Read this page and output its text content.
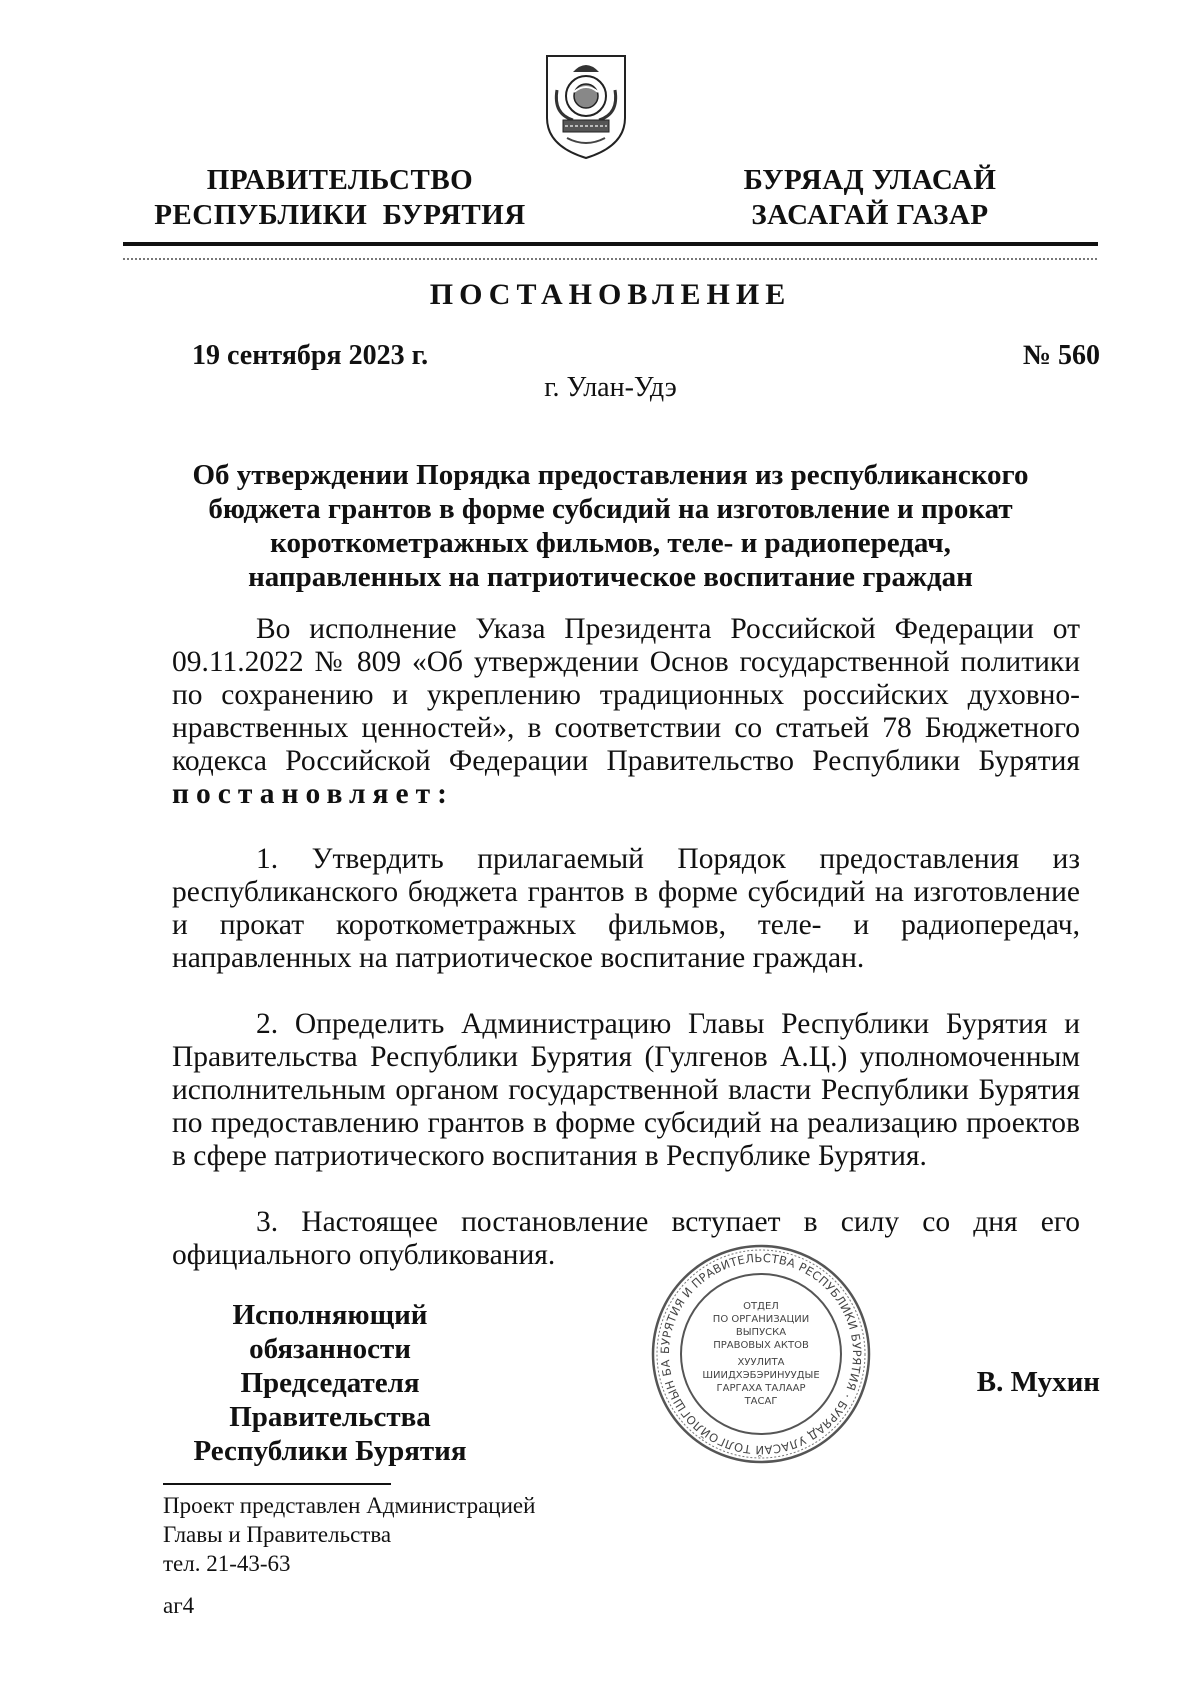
ПРАВИТЕЛЬСТВО
РЕСПУБЛИКИ  БУРЯТИЯ
БУРЯАД УЛАСАЙ
ЗАСАГАЙ ГАЗАР
ПОСТАНОВЛЕНИЕ
19 сентября 2023 г.	№ 560
г. Улан-Удэ
Об утверждении Порядка предоставления из республиканского
бюджета грантов в форме субсидий на изготовление и прокат
короткометражных фильмов, теле- и радиопередач,
направленных на патриотическое воспитание граждан

Во исполнение Указа Президента Российской Федерации от 09.11.2022 № 809 «Об утверждении Основ государственной политики по сохранению и укреплению традиционных российских духовно-нравственных ценностей», в соответствии со статьей 78 Бюджетного кодекса Российской Федерации Правительство Республики Бурятия постановляет:

1. Утвердить прилагаемый Порядок предоставления из республиканского бюджета грантов в форме субсидий на изготовление и прокат короткометражных фильмов, теле- и радиопередач, направленных на патриотическое воспитание граждан.

2. Определить Администрацию Главы Республики Бурятия и Правительства Республики Бурятия (Гулгенов А.Ц.) уполномоченным исполнительным органом государственной власти Республики Бурятия по предоставлению грантов в форме субсидий на реализацию проектов в сфере патриотического воспитания в Республике Бурятия.

3. Настоящее постановление вступает в силу со дня его официального опубликования.

Исполняющий обязанности
Председателя Правительства
Республики Бурятия
В. Мухин
БУРЯТИЯ И ПРАВИТЕЛЬСТВА РЕСПУБЛИКИ БУРЯТИЯ · БУРЯАД УЛАСАЙ ТОЛГОЙЛОГШЫН БА
ОТДЕЛ
ПО ОРГАНИЗАЦИИ
ВЫПУСКА
ПРАВОВЫХ АКТОВ
ХУУЛИТА
ШИИДХЭБЭРИНУУДЫЕ
ГАРГАХА ТАЛААР
ТАСАГ
Проект представлен Администрацией
Главы и Правительства
тел. 21-43-63
аг4
